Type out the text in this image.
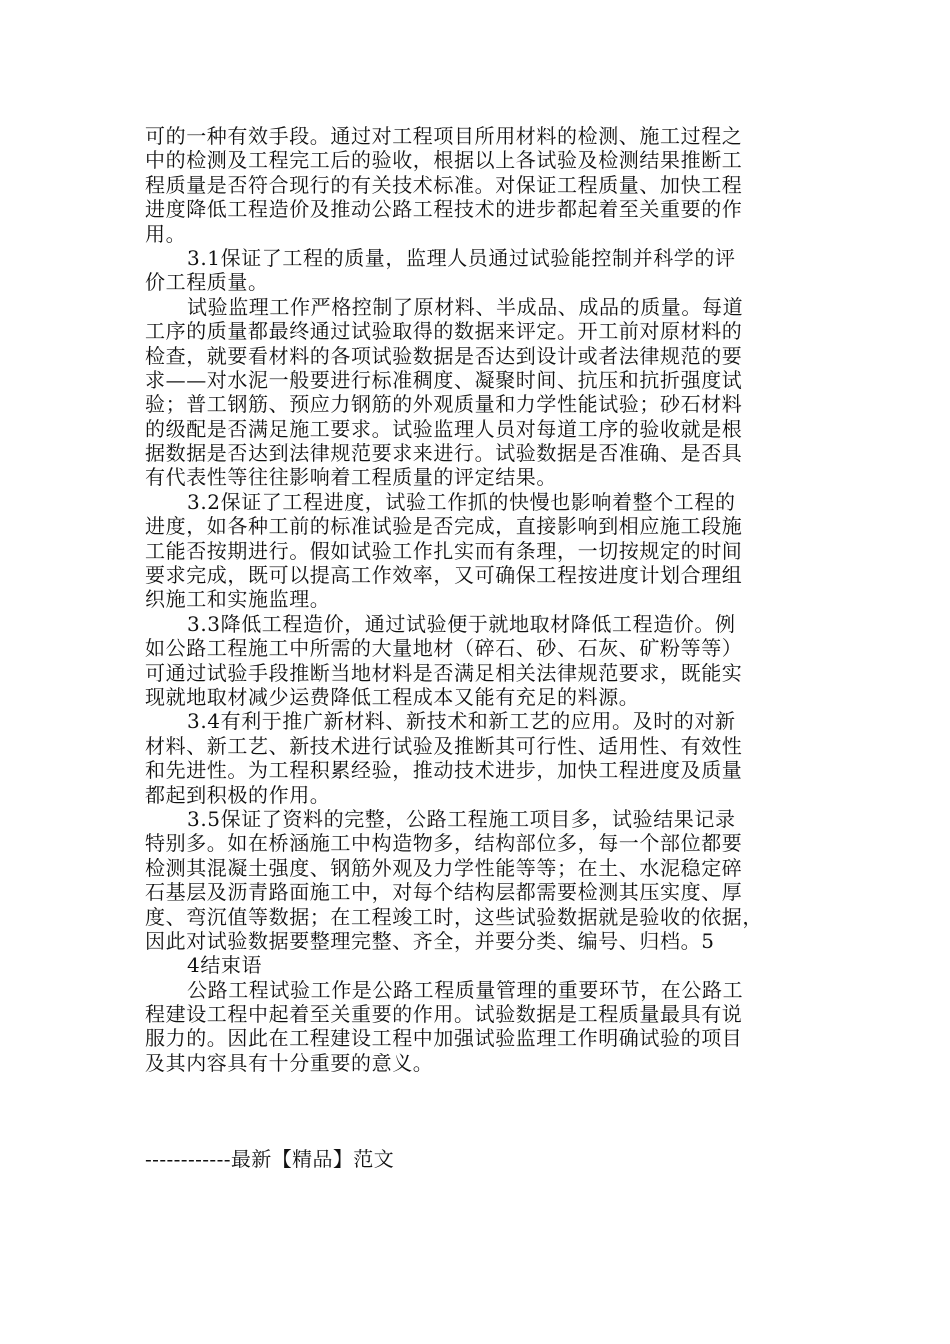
可的一种有效手段。通过对工程项目所用材料的检测、施工过程之
中的检测及工程完工后的验收，根据以上各试验及检测结果推断工
程质量是否符合现行的有关技术标准。对保证工程质量、加快工程
进度降低工程造价及推动公路工程技术的进步都起着至关重要的作
用。
3.1保证了工程的质量，监理人员通过试验能控制并科学的评
价工程质量。
试验监理工作严格控制了原材料、半成品、成品的质量。每道
工序的质量都最终通过试验取得的数据来评定。开工前对原材料的
检查，就要看材料的各项试验数据是否达到设计或者法律规范的要
求——对水泥一般要进行标准稠度、凝聚时间、抗压和抗折强度试
验；普工钢筋、预应力钢筋的外观质量和力学性能试验；砂石材料
的级配是否满足施工要求。试验监理人员对每道工序的验收就是根
据数据是否达到法律规范要求来进行。试验数据是否准确、是否具
有代表性等往往影响着工程质量的评定结果。
3.2保证了工程进度，试验工作抓的快慢也影响着整个工程的
进度，如各种工前的标准试验是否完成，直接影响到相应施工段施
工能否按期进行。假如试验工作扎实而有条理，一切按规定的时间
要求完成，既可以提高工作效率，又可确保工程按进度计划合理组
织施工和实施监理。
3.3降低工程造价，通过试验便于就地取材降低工程造价。例
如公路工程施工中所需的大量地材（碎石、砂、石灰、矿粉等等）
可通过试验手段推断当地材料是否满足相关法律规范要求，既能实
现就地取材减少运费降低工程成本又能有充足的料源。
3.4有利于推广新材料、新技术和新工艺的应用。及时的对新
材料、新工艺、新技术进行试验及推断其可行性、适用性、有效性
和先进性。为工程积累经验，推动技术进步，加快工程进度及质量
都起到积极的作用。
3.5保证了资料的完整，公路工程施工项目多，试验结果记录
特别多。如在桥涵施工中构造物多，结构部位多，每一个部位都要
检测其混凝土强度、钢筋外观及力学性能等等；在土、水泥稳定碎
石基层及沥青路面施工中，对每个结构层都需要检测其压实度、厚
度、弯沉值等数据；在工程竣工时，这些试验数据就是验收的依据，
因此对试验数据要整理完整、齐全，并要分类、编号、归档。5
4结束语
公路工程试验工作是公路工程质量管理的重要环节，在公路工
程建设工程中起着至关重要的作用。试验数据是工程质量最具有说
服力的。因此在工程建设工程中加强试验监理工作明确试验的项目
及其内容具有十分重要的意义。
------------最新【精品】范文
